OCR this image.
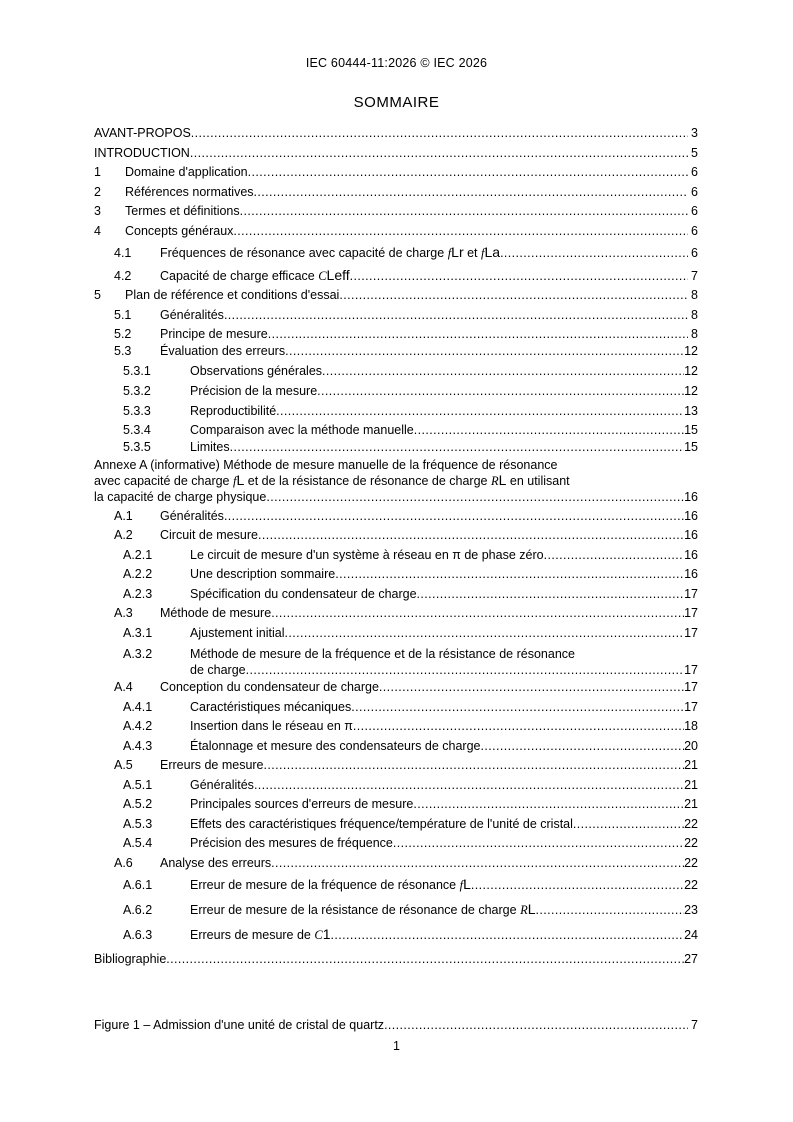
IEC 60444-11:2026 © IEC 2026
SOMMAIRE
AVANT-PROPOS .....	3
INTRODUCTION .....	5
1 Domaine d'application .....	6
2 Références normatives .....	6
3 Termes et définitions .....	6
4 Concepts généraux .....	6
4.1 Fréquences de résonance avec capacité de charge fLr et fLa .....	6
4.2 Capacité de charge efficace CLeff .....	7
5 Plan de référence et conditions d'essai .....	8
5.1 Généralités .....	8
5.2 Principe de mesure .....	8
5.3 Évaluation des erreurs .....	12
5.3.1	Observations générales .....	12
5.3.2	Précision de la mesure .....	12
5.3.3	Reproductibilité .....	13
5.3.4	Comparaison avec la méthode manuelle .....	15
5.3.5	Limites .....	15
Annexe A (informative) Méthode de mesure manuelle de la fréquence de résonance
avec capacité de charge fL et de la résistance de résonance de charge RL en utilisant
la capacité de charge physique .....	16
A.1 Généralités .....	16
A.2 Circuit de mesure .....	16
A.2.1	Le circuit de mesure d'un système à réseau en π de phase zéro .....	16
A.2.2	Une description sommaire .....	16
A.2.3	Spécification du condensateur de charge .....	17
A.3 Méthode de mesure .....	17
A.3.1	Ajustement initial .....	17
A.3.2	Méthode de mesure de la fréquence et de la résistance de résonance
de charge .....	17
A.4 Conception du condensateur de charge .....	17
A.4.1	Caractéristiques mécaniques .....	17
A.4.2	Insertion dans le réseau en π .....	18
A.4.3	Étalonnage et mesure des condensateurs de charge .....	20
A.5 Erreurs de mesure .....	21
A.5.1	Généralités .....	21
A.5.2	Principales sources d'erreurs de mesure .....	21
A.5.3	Effets des caractéristiques fréquence/température de l'unité de cristal .....	22
A.5.4	Précision des mesures de fréquence .....	22
A.6 Analyse des erreurs .....	22
A.6.1	Erreur de mesure de la fréquence de résonance fL .....	22
A.6.2	Erreur de mesure de la résistance de résonance de charge RL .....	23
A.6.3	Erreurs de mesure de C1 .....	24
Bibliographie .....	27
Figure 1 – Admission d'une unité de cristal de quartz .....	7
1
